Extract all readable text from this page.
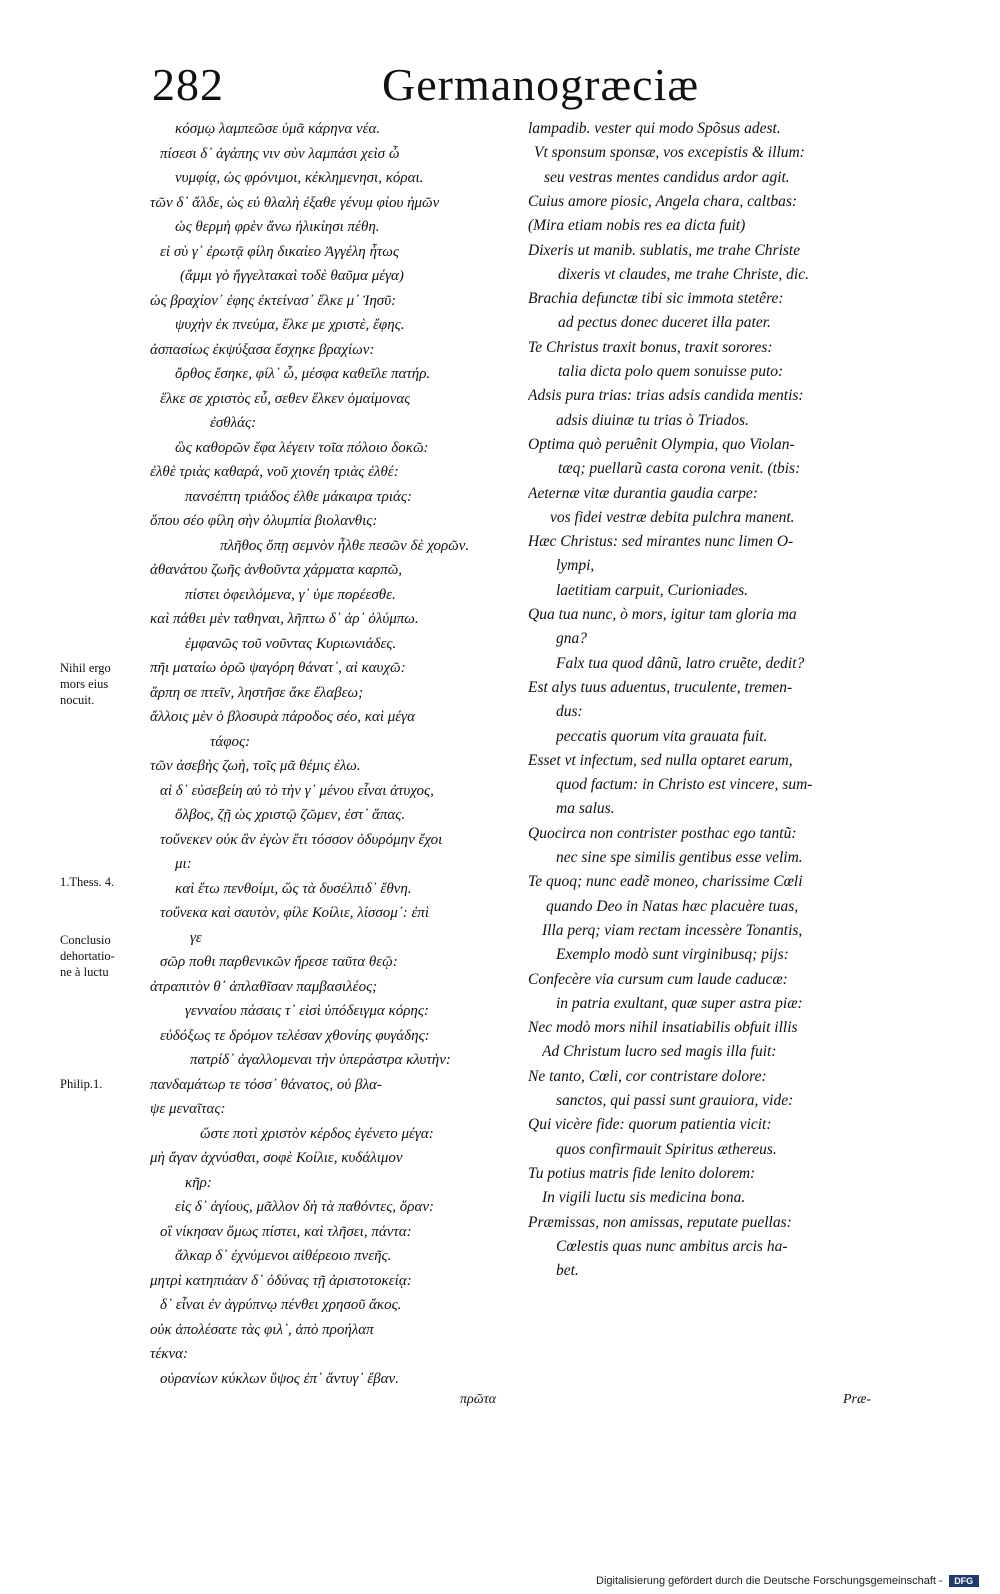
282	Germanogræciæ
κόσμῳ λαμπεῶσε ὑμᾶ κάρηνα νέα.
πίσεσι δ᾽ ἀγάπης νιν σὺν λαμπάσι χεὶσ ὦ
νυμφίᾳ, ὡς φρόνιμοι, κέκλημενησι, κόραι.
τῶν δ᾽ ἄλδε, ὡς εὐ θλαλὴ ἐξαθε γένυμ φίου ἡμῶν
ὡς θερμὴ φρὲν ἄνω ἠλικίησι πέθη.
εἰ σὺ γ᾽ ἐρωτᾷ φίλη δικαίεο Ἀγγέλη ἦτως
(ἄμμι γὸ ἤγγελτακαὶ τοδὲ θαῦμα μέγα)
ὡς βραχίον᾽ ἐφης ἐκτείνασ᾽ ἕλκε μ᾽ Ἰησῦ:
ψυχὴν ἐκ πνεύμα, ἕλκε με χριστὲ, ἔφης.
ἀσπασίως ἐκψύξασα ἔσχηκε βραχίων:
ὄρθος ἔσηκε, φίλ᾽ ὦ, μέσφα καθεῖλε πατήρ.
ἕλκε σε χριστὸς εὖ, σεθεν ἕλκεν ὁμαίμονας
ἐσθλάς:
ὣς καθορῶν ἔφα λέγειν τοῖα πόλοιο δοκῶ:
ἐλθὲ τριὰς καθαρά, νοῦ χιονέη τριὰς ἐλθέ:
πανσέπτη τριάδος ἐλθε μάκαιρα τριάς:
ὅπου σέο φίλη σὴν ὀλυμπία βιολανθις:
πλῆθος ὅπῃ σεμνὸν ἦλθε πεσῶν δὲ χορῶν.
ἀθανάτου ζωῆς ἀνθοῦντα χάρματα καρπῶ,
πίστει ὀφειλόμενα, γ᾽ ὑμε πορέεσθε.
καὶ πάθει μὲν ταθηναι, λῆπτω δ᾽ ἀρ᾽ ὀλύμπω.
ἐμφανῶς τοῦ νοῦντας Κυριωνιάδες.
πῆι ματαίω ὁρῶ ψαγόρη θάνατ᾽, αἱ καυχῶ:
ἅρπη σε πτεῖν, ληστῆσε ἄκε ἔλαβεω;
ἄλλοις μὲν ὁ βλοσυρὰ πάροδος σέο, καὶ μέγα
τάφος:
τῶν ἀσεβὴς ζωὴ, τοῖς μᾶ θέμις ἐλω.
αἱ δ᾽ εὐσεβείη αὐ τὸ τὴν γ᾽ μένου εἶναι ἀτυχος,
ὄλβος, ζῇ ὡς χριστῷ ζῶμεν, ἐστ᾽ ἅπας.
τοὔνεκεν οὐκ ἂν ἐγὼν ἔτι τόσσον ὀδυρόμην ἔχοι
μι:
καὶ ἔτω πενθοίμι, ὥς τὰ δυσέλπιδ᾽ ἔθνη.
τοὔνεκα καὶ σαυτὸν, φίλε Κοίλιε, λίσσομ᾽: ἐπὶ
γε
σῶρ ποθι παρθενικῶν ἤρεσε ταῦτα θεῷ:
ἀτραπιτὸν θ᾽ ἀπλαθῖσαν παμβασιλέος;
γενναίου πάσαις τ᾽ εἰσὶ ὑπόδειγμα κόρης:
εὐδόξως τε δρόμον τελέσαν χθονίης φυγάδης:
πατρίδ᾽ ἀγαλλομεναι τὴν ὑπεράστρα κλυτὴν:
πανδαμάτωρ τε τόσσ᾽ θάνατος, οὐ βλα-
ψε μεναῖτας:
ὥστε ποτὶ χριστὸν κέρδος ἐγένετο μέγα:
μὴ ἄγαν ἀχνύσθαι, σοφὲ Κοίλιε, κυδάλιμον
κῆρ:
εἰς δ᾽ ἁγίους, μᾶλλον δὴ τὰ παθόντες, ὅραν:
οἳ νίκησαν ὅμως πίστει, καὶ τλῆσει, πάντα:
ἄλκαρ δ᾽ ἐχνύμενοι αἰθέρεοιο πνεῆς.
μητρὶ κατηπιάαν δ᾽ ὀδύνας τῇ ἀριστοτοκείᾳ:
δ᾽ εἶναι ἐν ἀγρύπνῳ πένθει χρησοῦ ἄκος.
οὐκ ἀπολέσατε τὰς φιλ᾽, ἀπὸ προήλαπ
τέκνα:
οὐρανίων κύκλων ὕψος ἐπ᾽ ἄντυγ᾽ ἔβαν.
lampadib. vester qui modo Spõsus adest.
Vt sponsum sponsæ, vos excepistis & illum:
seu vestras mentes candidus ardor agit.
Cuius amore piosic, Angela chara, caltbas:
(Mira etiam nobis res ea dicta fuit)
Dixeris ut manib. sublatis, me trahe Christe
dixeris vt claudes, me trahe Christe, dic.
Brachia defunctæ tibi sic immota stetêre:
ad pectus donec duceret illa pater.
Te Christus traxit bonus, traxit sorores:
talia dicta polo quem sonuisse puto:
Adsis pura trias: trias adsis candida mentis:
adsis diuinæ tu trias ò Triados.
Optima quò peruênit Olympia, quo Violan-
tæq; puellarũ casta corona venit. (tbis:
Aeternæ vitæ durantia gaudia carpe:
vos fidei vestræ debita pulchra manent.
Hæc Christus: sed mirantes nunc limen O-
lympi,
laetitiam carpuit, Curioniades.
Qua tua nunc, ò mors, igitur tam gloria ma
gna?
Falx tua quod dânũ, latro cruẽte, dedit?
Est alys tuus aduentus, truculente, tremen-
dus:
peccatis quorum vita grauata fuit.
Esset vt infectum, sed nulla optaret earum,
quod factum: in Christo est vincere, sum-
ma salus.
Quocirca non contrister posthac ego tantũ:
nec sine spe similis gentibus esse velim.
Te quoq; nunc eadẽ moneo, charissime Cœli
quando Deo in Natas hæc placuère tuas,
Illa perq; viam rectam incessère Tonantis,
Exemplo modò sunt virginibusq; pijs:
Confecère via cursum cum laude caducæ:
in patria exultant, quæ super astra piæ:
Nec modò mors nihil insatiabilis obfuit illis
Ad Christum lucro sed magis illa fuit:
Ne tanto, Cœli, cor contristare dolore:
sanctos, qui passi sunt grauiora, vide:
Qui vicère fide: quorum patientia vicit:
quos confirmauit Spiritus æthereus.
Tu potius matris fide lenito dolorem:
In vigili luctu sis medicina bona.
Præmissas, non amissas, reputate puellas:
Cœlestis quas nunc ambitus arcis ha-
bet.
Nihil ergo
mors eius
nocuit.
1.Thess. 4.
Conclusio
dehortatio-
ne à luctu
Philip.1.
πρῶτα	Præ-
Digitalisierung gefördert durch die Deutsche Forschungsgemeinschaft -	DFG
